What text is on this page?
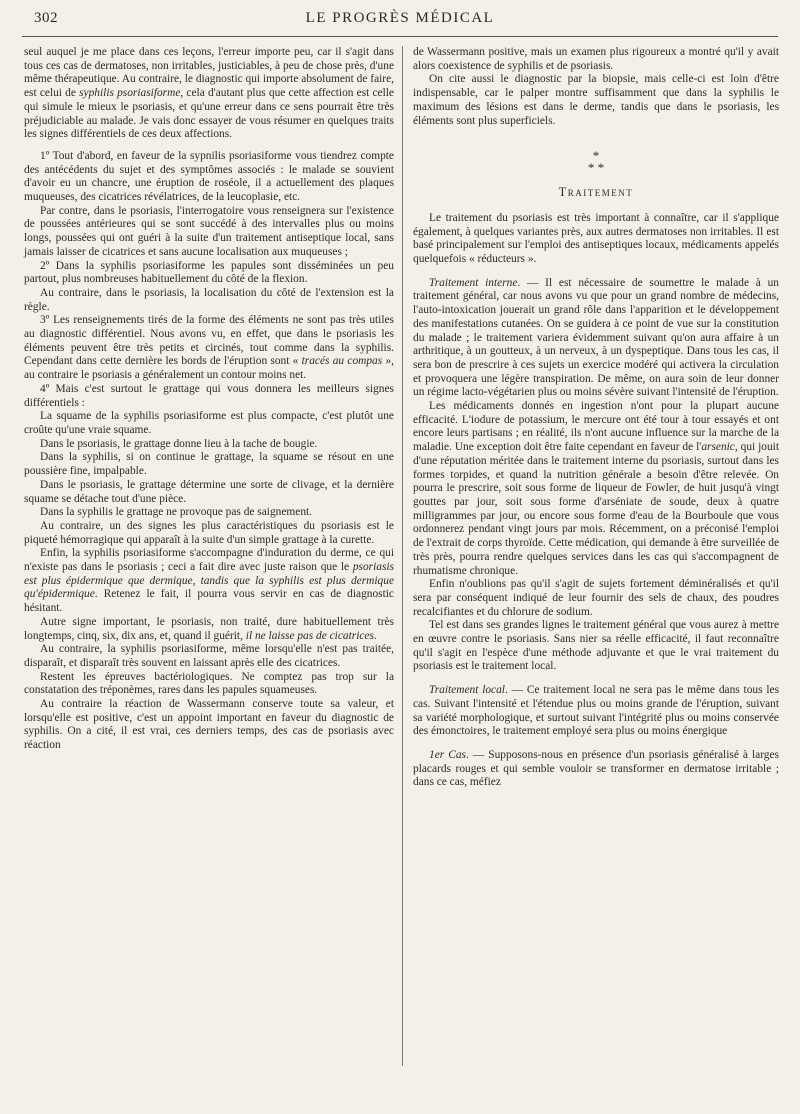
302	LE PROGRÈS MÉDICAL

seul auquel je me place dans ces leçons, l'erreur importe peu, car il s'agit dans tous ces cas de dermatoses, non irritables, justiciables, à peu de chose près, d'une même thérapeutique. Au contraire, le diagnostic qui importe absolument de faire, est celui de syphilis psoriasiforme, cela d'autant plus que cette affection est celle qui simule le mieux le psoriasis, et qu'une erreur dans ce sens pourrait être très préjudiciable au malade. Je vais donc essayer de vous résumer en quelques traits les signes différentiels de ces deux affections.

1º Tout d'abord, en faveur de la sypnilis psoriasiforme vous tiendrez compte des antécédents du sujet et des symptômes associés : le malade se souvient d'avoir eu un chancre, une éruption de roséole, il a actuellement des plaques muqueuses, des cicatrices révélatrices, de la leucoplasie, etc.

Par contre, dans le psoriasis, l'interrogatoire vous renseignera sur l'existence de poussées antérieures qui se sont succédé à des intervalles plus ou moins longs, poussées qui ont guéri à la suite d'un traitement antiseptique local, sans jamais laisser de cicatrices et sans aucune localisation aux muqueuses ;

2º Dans la syphilis psoriasiforme les papules sont disséminées un peu partout, plus nombreuses habituellement du côté de la flexion.

Au contraire, dans le psoriasis, la localisation du côté de l'extension est la règle.

3º Les renseignements tirés de la forme des éléments ne sont pas très utiles au diagnostic différentiel. Nous avons vu, en effet, que dans le psoriasis les éléments peuvent être très petits et circinés, tout comme dans la syphilis. Cependant dans cette dernière les bords de l'éruption sont « tracés au compas », au contraire le psoriasis a généralement un contour moins net.

4º Mais c'est surtout le grattage qui vous donnera les meilleurs signes différentiels :

La squame de la syphilis psoriasiforme est plus compacte, c'est plutôt une croûte qu'une vraie squame.

Dans le psoriasis, le grattage donne lieu à la tache de bougie.

Dans la syphilis, si on continue le grattage, la squame se résout en une poussière fine, impalpable.

Dans le psoriasis, le grattage détermine une sorte de clivage, et la dernière squame se détache tout d'une pièce.

Dans la syphilis le grattage ne provoque pas de saignement.

Au contraire, un des signes les plus caractéristiques du psoriasis est le piqueté hémorragique qui apparaît à la suite d'un simple grattage à la curette.

Enfin, la syphilis psoriasiforme s'accompagne d'induration du derme, ce qui n'existe pas dans le psoriasis ; ceci a fait dire avec juste raison que le psoriasis est plus épidermique que dermique, tandis que la syphilis est plus dermique qu'épidermique. Retenez le fait, il pourra vous servir en cas de diagnostic hésitant.

Autre signe important, le psoriasis, non traité, dure habituellement très longtemps, cinq, six, dix ans, et, quand il guérit, il ne laisse pas de cicatrices.

Au contraire, la syphilis psoriasiforme, même lorsqu'elle n'est pas traitée, disparaît, et disparaît très souvent en laissant après elle des cicatrices.

Restent les épreuves bactériologiques. Ne comptez pas trop sur la constatation des tréponèmes, rares dans les papules squameuses.

Au contraire la réaction de Wassermann conserve toute sa valeur, et lorsqu'elle est positive, c'est un appoint important en faveur du diagnostic de syphilis. On a cité, il est vrai, ces derniers temps, des cas de psoriasis avec réaction

de Wassermann positive, mais un examen plus rigoureux a montré qu'il y avait alors coexistence de syphilis et de psoriasis.

On cite aussi le diagnostic par la biopsie, mais celle-ci est loin d'être indispensable, car le palper montre suffisamment que dans la syphilis le maximum des lésions est dans le derme, tandis que dans le psoriasis, les éléments sont plus superficiels.

*
* *
Traitement

Le traitement du psoriasis est très important à connaître, car il s'applique également, à quelques variantes près, aux autres dermatoses non irritables. Il est basé principalement sur l'emploi des antiseptiques locaux, médicaments appelés quelquefois « réducteurs ».

Traitement interne. — Il est nécessaire de soumettre le malade à un traitement général, car nous avons vu que pour un grand nombre de médecins, l'auto-intoxication jouerait un grand rôle dans l'apparition et le développement des manifestations cutanées. On se guidera à ce point de vue sur la constitution du malade ; le traitement variera évidemment suivant qu'on aura affaire à un arthritique, à un goutteux, à un nerveux, à un dyspeptique. Dans tous les cas, il sera bon de prescrire à ces sujets un exercice modéré qui activera la circulation et provoquera une légère transpiration. De même, on aura soin de leur donner un régime lacto-végétarien plus ou moins sévère suivant l'intensité de l'éruption.

Les médicaments donnés en ingestion n'ont pour la plupart aucune efficacité. L'iodure de potassium, le mercure ont été tour à tour essayés et ont encore leurs partisans ; en réalité, ils n'ont aucune influence sur la marche de la maladie. Une exception doit être faite cependant en faveur de l'arsenic, qui jouit d'une réputation méritée dans le traitement interne du psoriasis, surtout dans les formes torpides, et quand la nutrition générale a besoin d'être relevée. On pourra le prescrire, soit sous forme de liqueur de Fowler, de huit jusqu'à vingt gouttes par jour, soit sous forme d'arséniate de soude, deux à quatre milligrammes par jour, ou encore sous forme d'eau de la Bourboule que vous ordonnerez pendant vingt jours par mois. Récemment, on a préconisé l'emploi de l'extrait de corps thyroïde. Cette médication, qui demande à être surveillée de très près, pourra rendre quelques services dans les cas qui s'accompagnent de rhumatisme chronique.

Enfin n'oublions pas qu'il s'agit de sujets fortement déminéralisés et qu'il sera par conséquent indiqué de leur fournir des sels de chaux, des poudres recalcifiantes et du chlorure de sodium.

Tel est dans ses grandes lignes le traitement général que vous aurez à mettre en œuvre contre le psoriasis. Sans nier sa réelle efficacité, il faut reconnaître qu'il s'agit en l'espèce d'une méthode adjuvante et que le vrai traitement du psoriasis est le traitement local.

Traitement local. — Ce traitement local ne sera pas le même dans tous les cas. Suivant l'intensité et l'étendue plus ou moins grande de l'éruption, suivant sa variété morphologique, et surtout suivant l'intégrité plus ou moins conservée des émonctoires, le traitement employé sera plus ou moins énergique

1er Cas. — Supposons-nous en présence d'un psoriasis généralisé à larges placards rouges et qui semble vouloir se transformer en dermatose irritable ; dans ce cas, méfiez
